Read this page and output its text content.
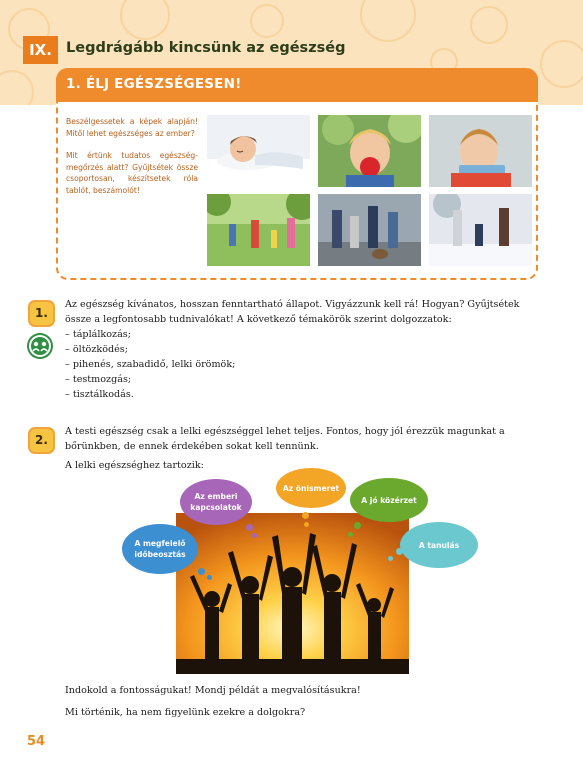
IX. Legdrágább kincsünk az egészség
1. ÉLJ EGÉSZSÉGESEN!

Beszélgessetek a képek alapján! Mitől lehet egészséges az ember?

Mit értünk tudatos egészség-megőrzés alatt? Gyűjtsétek össze csoportosan, készítsetek róla tablót, beszámolót!

1.

Az egészség kívánatos, hosszan fenntartható állapot. Vigyázzunk kell rá! Hogyan? Gyűjtsétek össze a legfontosabb tudnivalókat! A következő témakörök szerint dolgozzatok:

– táplálkozás;
– öltözködés;
– pihenés, szabadidő, lelki örömök;
– testmozgás;
– tisztálkodás.
2.

A testi egészség csak a lelki egészséggel lehet teljes. Fontos, hogy jól érezzük magunkat a bőrünkben, de ennek érdekében sokat kell tennünk.

A lelki egészséghez tartozik:

Az emberi kapcsolatok
Az önismeret
A jó közérzet
A megfelelő időbeosztás
A tanulás

Indokold a fontosságukat! Mondj példát a megvalósításukra!

Mi történik, ha nem figyelünk ezekre a dolgokra?

54
